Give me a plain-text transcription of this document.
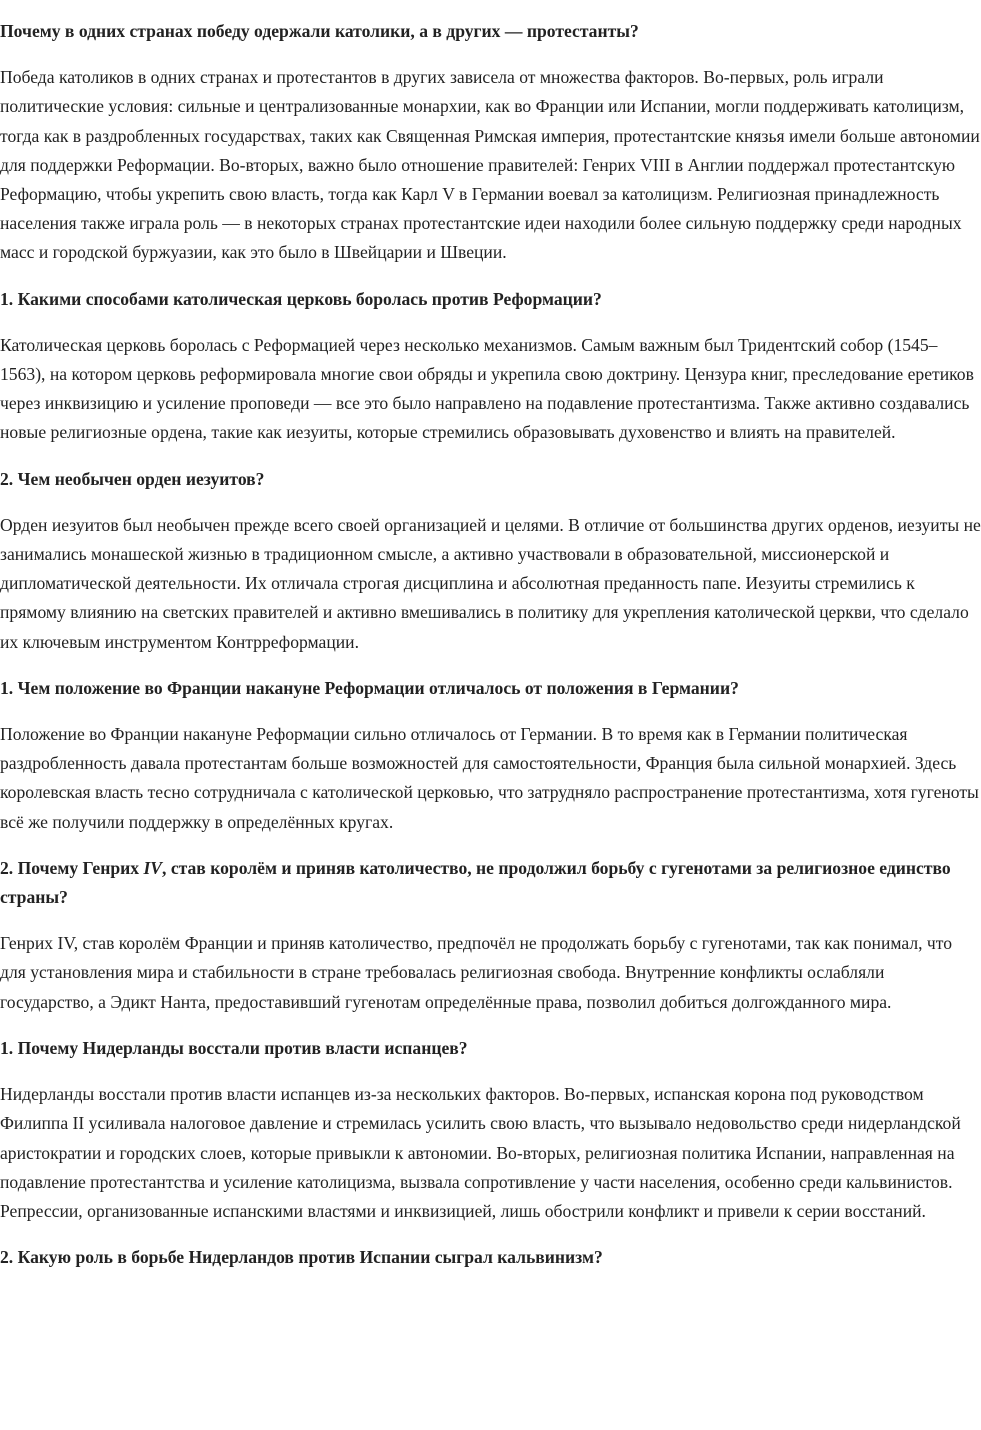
Почему в одних странах победу одержали католики, а в других — протестанты?

Победа католиков в одних странах и протестантов в других зависела от множества факторов. Во-первых, роль играли политические условия: сильные и централизованные монархии, как во Франции или Испании, могли поддерживать католицизм, тогда как в раздробленных государствах, таких как Священная Римская империя, протестантские князья имели больше автономии для поддержки Реформации. Во-вторых, важно было отношение правителей: Генрих VIII в Англии поддержал протестантскую Реформацию, чтобы укрепить свою власть, тогда как Карл V в Германии воевал за католицизм. Религиозная принадлежность населения также играла роль — в некоторых странах протестантские идеи находили более сильную поддержку среди народных масс и городской буржуазии, как это было в Швейцарии и Швеции.

1. Какими способами католическая церковь боролась против Реформации?

Католическая церковь боролась с Реформацией через несколько механизмов. Самым важным был Тридентский собор (1545–1563), на котором церковь реформировала многие свои обряды и укрепила свою доктрину. Цензура книг, преследование еретиков через инквизицию и усиление проповеди — все это было направлено на подавление протестантизма. Также активно создавались новые религиозные ордена, такие как иезуиты, которые стремились образовывать духовенство и влиять на правителей.

2. Чем необычен орден иезуитов?

Орден иезуитов был необычен прежде всего своей организацией и целями. В отличие от большинства других орденов, иезуиты не занимались монашеской жизнью в традиционном смысле, а активно участвовали в образовательной, миссионерской и дипломатической деятельности. Их отличала строгая дисциплина и абсолютная преданность папе. Иезуиты стремились к прямому влиянию на светских правителей и активно вмешивались в политику для укрепления католической церкви, что сделало их ключевым инструментом Контрреформации.

1. Чем положение во Франции накануне Реформации отличалось от положения в Германии?

Положение во Франции накануне Реформации сильно отличалось от Германии. В то время как в Германии политическая раздробленность давала протестантам больше возможностей для самостоятельности, Франция была сильной монархией. Здесь королевская власть тесно сотрудничала с католической церковью, что затрудняло распространение протестантизма, хотя гугеноты всё же получили поддержку в определённых кругах.

2. Почему Генрих IV, став королём и приняв католичество, не продолжил борьбу с гугенотами за религиозное единство страны?

Генрих IV, став королём Франции и приняв католичество, предпочёл не продолжать борьбу с гугенотами, так как понимал, что для установления мира и стабильности в стране требовалась религиозная свобода. Внутренние конфликты ослабляли государство, а Эдикт Нанта, предоставивший гугенотам определённые права, позволил добиться долгожданного мира.

1. Почему Нидерланды восстали против власти испанцев?

Нидерланды восстали против власти испанцев из-за нескольких факторов. Во-первых, испанская корона под руководством Филиппа II усиливала налоговое давление и стремилась усилить свою власть, что вызывало недовольство среди нидерландской аристократии и городских слоев, которые привыкли к автономии. Во-вторых, религиозная политика Испании, направленная на подавление протестантства и усиление католицизма, вызвала сопротивление у части населения, особенно среди кальвинистов. Репрессии, организованные испанскими властями и инквизицией, лишь обострили конфликт и привели к серии восстаний.

2. Какую роль в борьбе Нидерландов против Испании сыграл кальвинизм?
